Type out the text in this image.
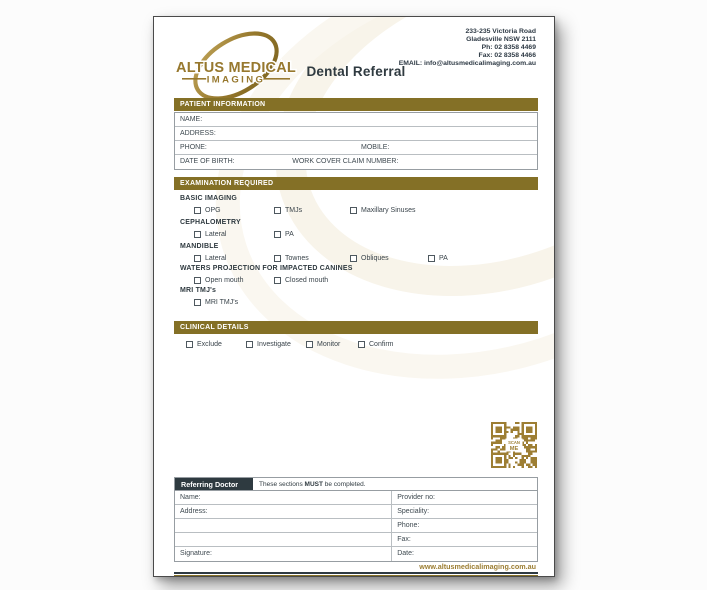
ALTUS MEDICAL
IMAGING
233-235 Victoria Road
Gladesville NSW 2111
Ph: 02 8358 4469
Fax: 02 8358 4466
EMAIL: info@altusmedicalimaging.com.au
Dental Referral
PATIENT INFORMATION
NAME:
ADDRESS:
PHONE:	MOBILE:
DATE OF BIRTH:	WORK COVER CLAIM NUMBER:
EXAMINATION REQUIRED
BASIC IMAGING
OPG	TMJs	Maxillary Sinuses
CEPHALOMETRY
Lateral	PA
MANDIBLE
Lateral	Townes	Obliques	PA
WATERS PROJECTION FOR IMPACTED CANINES
Open mouth	Closed mouth
MRI TMJ's
MRI TMJ's
CLINICAL DETAILS
Exclude	Investigate	Monitor	Confirm
SCAN
ME
Referring Doctor	These sections MUST be completed.
Name:	Provider no:
Address:	Speciality:
Phone:
Fax:
Signature:	Date:
www.altusmedicalimaging.com.au
